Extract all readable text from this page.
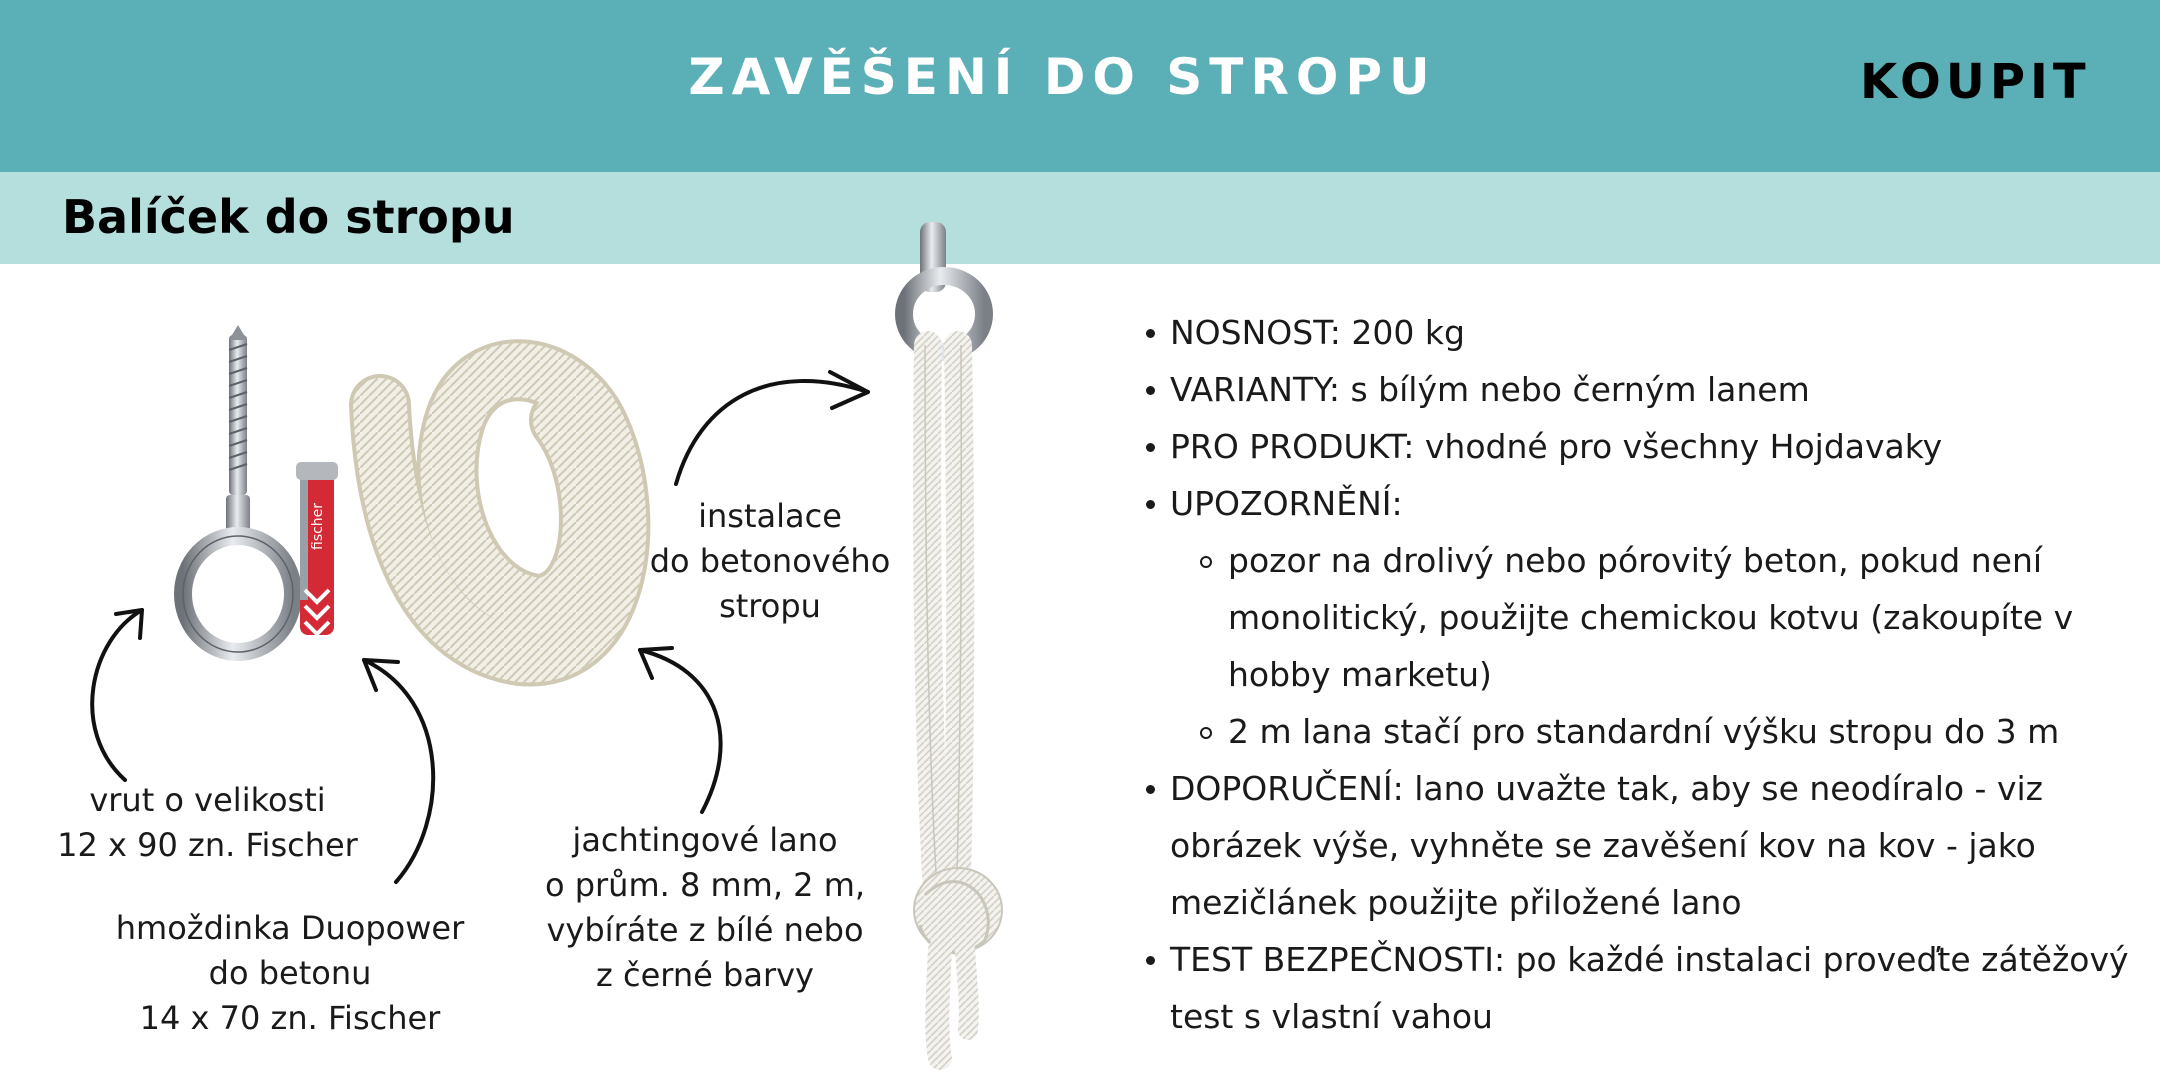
ZAVĚŠENÍ DO STROPU	KOUPIT
Balíček do stropu
fischer	instalace
do betonového
stropu
vrut o velikosti
12 x 90 zn. Fischer
hmoždinka Duopower
do betonu
14 x 70 zn. Fischer
jachtingové lano
o prům. 8 mm, 2 m,
vybíráte z bílé nebo
z černé barvy
NOSNOST: 200 kg
VARIANTY: s bílým nebo černým lanem
PRO PRODUKT: vhodné pro všechny Hojdavaky
UPOZORNĚNÍ:
pozor na drolivý nebo pórovitý beton, pokud není monolitický, použijte chemickou kotvu (zakoupíte v hobby marketu)
2 m lana stačí pro standardní výšku stropu do 3 m
DOPORUČENÍ: lano uvažte tak, aby se neodíralo - viz obrázek výše, vyhněte se zavěšení kov na kov - jako mezičlánek použijte přiložené lano
TEST BEZPEČNOSTI: po každé instalaci proveďte zátěžový test s vlastní vahou
